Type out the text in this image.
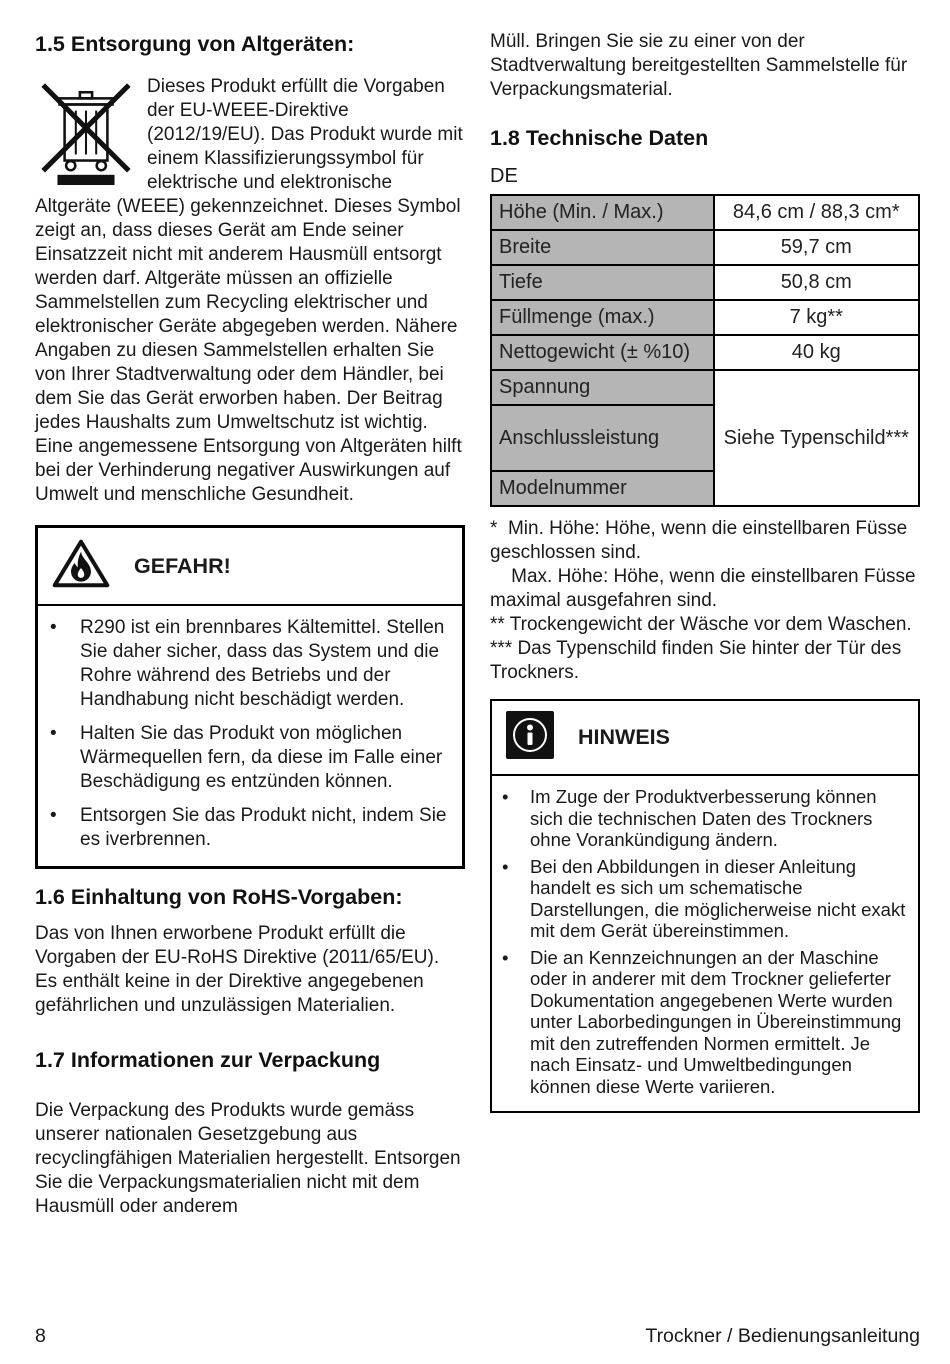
1.5 Entsorgung von Altgeräten:
Dieses Produkt erfüllt die Vorgaben der EU-WEEE-Direktive (2012/19/EU). Das Produkt wurde mit einem Klassifizierungssymbol für elektrische und elektronische Altgeräte (WEEE) gekennzeichnet. Dieses Symbol zeigt an, dass dieses Gerät am Ende seiner Einsatzzeit nicht mit anderem Hausmüll entsorgt werden darf. Altgeräte müssen an offizielle Sammelstellen zum Recycling elektrischer und elektronischer Geräte abgegeben werden. Nähere Angaben zu diesen Sammelstellen erhalten Sie von Ihrer Stadtverwaltung oder dem Händler, bei dem Sie das Gerät erworben haben. Der Beitrag jedes Haushalts zum Umweltschutz ist wichtig. Eine angemessene Entsorgung von Altgeräten hilft bei der Verhinderung negativer Auswirkungen auf Umwelt und menschliche Gesundheit.
GEFAHR!
• R290 ist ein brennbares Kältemittel. Stellen Sie daher sicher, dass das System und die Rohre während des Betriebs und der Handhabung nicht beschädigt werden.
• Halten Sie das Produkt von möglichen Wärmequellen fern, da diese im Falle einer Beschädigung es entzünden können.
• Entsorgen Sie das Produkt nicht, indem Sie es iverbrennen.
1.6 Einhaltung von RoHS-Vorgaben:
Das von Ihnen erworbene Produkt erfüllt die Vorgaben der EU-RoHS Direktive (2011/65/EU). Es enthält keine in der Direktive angegebenen gefährlichen und unzulässigen Materialien.
1.7 Informationen zur Verpackung
Die Verpackung des Produkts wurde gemäss unserer nationalen Gesetzgebung aus recyclingfähigen Materialien hergestellt. Entsorgen Sie die Verpackungsmaterialien nicht mit dem Hausmüll oder anderem
Müll. Bringen Sie sie zu einer von der Stadtverwaltung bereitgestellten Sammelstelle für Verpackungsmaterial.
1.8 Technische Daten
DE
Höhe (Min. / Max.)	84,6 cm / 88,3 cm*
Breite	59,7 cm
Tiefe	50,8 cm
Füllmenge (max.)	7 kg**
Nettogewicht (± %10)	40 kg
Spannung	Siehe Typenschild***
Anschlussleistung	
Modelnummer	
*  Min. Höhe: Höhe, wenn die einstellbaren Füsse geschlossen sind.
Max. Höhe: Höhe, wenn die einstellbaren Füsse maximal ausgefahren sind.
** Trockengewicht der Wäsche vor dem Waschen.
*** Das Typenschild finden Sie hinter der Tür des Trockners.
HINWEIS
• Im Zuge der Produktverbesserung können sich die technischen Daten des Trockners ohne Vorankündigung ändern.
• Bei den Abbildungen in dieser Anleitung handelt es sich um schematische Darstellungen, die möglicherweise nicht exakt mit dem Gerät übereinstimmen.
• Die an Kennzeichnungen an der Maschine oder in anderer mit dem Trockner gelieferter Dokumentation angegebenen Werte wurden unter Laborbedingungen in Übereinstimmung mit den zutreffenden Normen ermittelt. Je nach Einsatz- und Umweltbedingungen können diese Werte variieren.
8	Trockner / Bedienungsanleitung
